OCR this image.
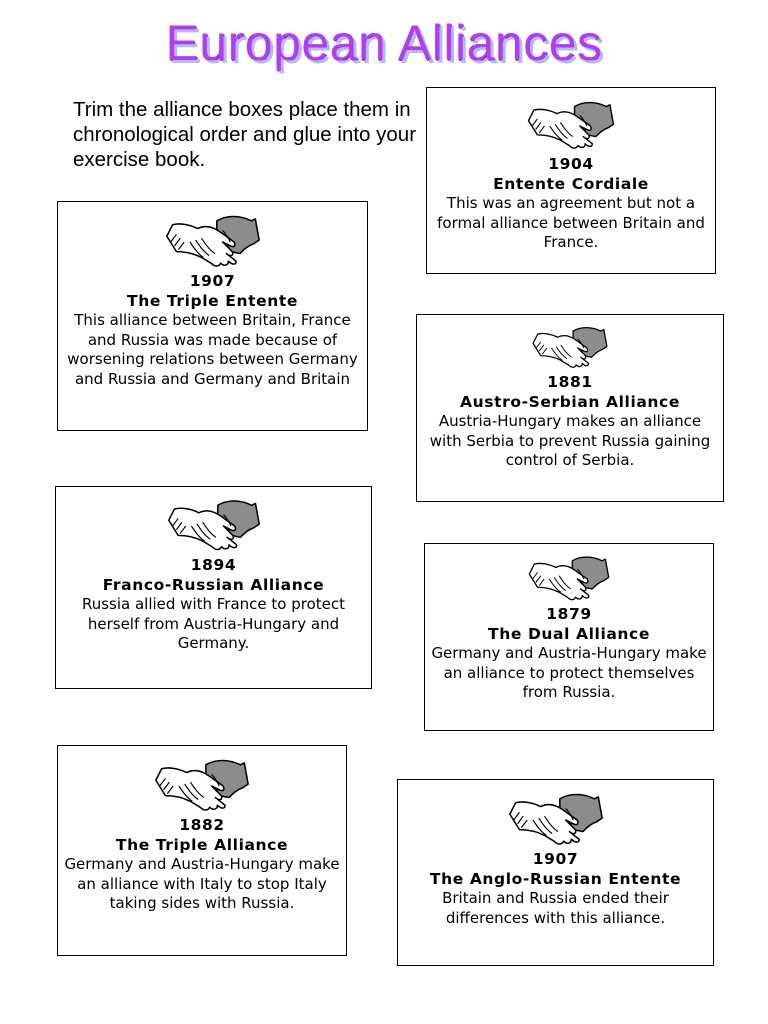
European Alliances
Trim the alliance boxes place them in chronological order and glue into your exercise book.	1904
Entente Cordiale
This was an agreement but not a formal alliance between Britain and France.
1907
The Triple Entente
This alliance between Britain, France and Russia was made because of worsening relations between Germany and Russia and Germany and Britain	1881
Austro-Serbian Alliance
Austria-Hungary makes an alliance with Serbia to prevent Russia gaining control of Serbia.
1894
Franco-Russian Alliance
Russia allied with France to protect herself from Austria-Hungary and Germany.
1879
The Dual Alliance
Germany and Austria-Hungary make an alliance to protect themselves from Russia.
1882
The Triple Alliance
Germany and Austria-Hungary make an alliance with Italy to stop Italy taking sides with Russia.
1907
The Anglo-Russian Entente
Britain and Russia ended their differences with this alliance.
